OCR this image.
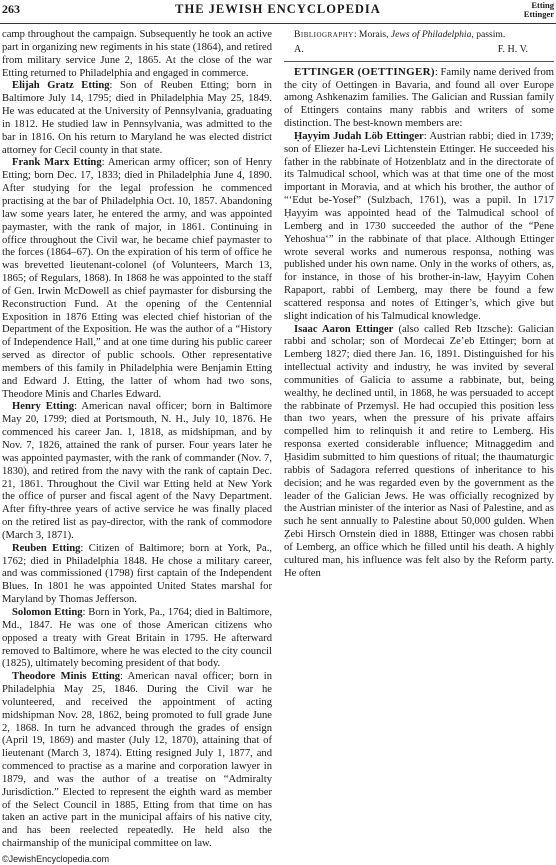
263	THE JEWISH ENCYCLOPEDIA	Etting
Ettinger

camp throughout the campaign. Subsequently he took an active part in organizing new regiments in his state (1864), and retired from military service June 2, 1865. At the close of the war Etting returned to Philadelphia and engaged in commerce.

Elijah Gratz Etting: Son of Reuben Etting; born in Baltimore July 14, 1795; died in Philadelphia May 25, 1849. He was educated at the University of Pennsylvania, graduating in 1812. He studied law in Pennsylvania, was admitted to the bar in 1816. On his return to Maryland he was elected district attorney for Cecil county in that state.

Frank Marx Etting: American army officer; son of Henry Etting; born Dec. 17, 1833; died in Philadelphia June 4, 1890. After studying for the legal profession he commenced practising at the bar of Philadelphia Oct. 10, 1857. Abandoning law some years later, he entered the army, and was appointed paymaster, with the rank of major, in 1861. Continuing in office throughout the Civil war, he became chief paymaster to the forces (1864–67). On the expiration of his term of office he was brevetted lieutenant-colonel (of Volunteers, March 13, 1865; of Regulars, 1868). In 1868 he was appointed to the staff of Gen. Irwin McDowell as chief paymaster for disbursing the Reconstruction Fund. At the opening of the Centennial Exposition in 1876 Etting was elected chief historian of the Department of the Exposition. He was the author of a “History of Independence Hall,” and at one time during his public career served as director of public schools. Other representative members of this family in Philadelphia were Benjamin Etting and Edward J. Etting, the latter of whom had two sons, Theodore Minis and Charles Edward.

Henry Etting: American naval officer; born in Baltimore May 20, 1799; died at Portsmouth, N. H., July 10, 1876. He commenced his career Jan. 1, 1818, as midshipman, and by Nov. 7, 1826, attained the rank of purser. Four years later he was appointed paymaster, with the rank of commander (Nov. 7, 1830), and retired from the navy with the rank of captain Dec. 21, 1861. Throughout the Civil war Etting held at New York the office of purser and fiscal agent of the Navy Department. After fifty-three years of active service he was finally placed on the retired list as pay-director, with the rank of commodore (March 3, 1871).

Reuben Etting: Citizen of Baltimore; born at York, Pa., 1762; died in Philadelphia 1848. He chose a military career, and was commissioned (1798) first captain of the Independent Blues. In 1801 he was appointed United States marshal for Maryland by Thomas Jefferson.

Solomon Etting: Born in York, Pa., 1764; died in Baltimore, Md., 1847. He was one of those American citizens who opposed a treaty with Great Britain in 1795. He afterward removed to Baltimore, where he was elected to the city council (1825), ultimately becoming president of that body.

Theodore Minis Etting: American naval officer; born in Philadelphia May 25, 1846. During the Civil war he volunteered, and received the appointment of acting midshipman Nov. 28, 1862, being promoted to full grade June 2, 1868. In turn he advanced through the grades of ensign (April 19, 1869) and master (July 12, 1870), attaining that of lieutenant (March 3, 1874). Etting resigned July 1, 1877, and commenced to practise as a marine and corporation lawyer in 1879, and was the author of a treatise on “Admiralty Jurisdiction.” Elected to represent the eighth ward as member of the Select Council in 1885, Etting from that time on has taken an active part in the municipal affairs of his native city, and has been reelected repeatedly. He held also the chairmanship of the municipal committee on law.

Bibliography: Morais, Jews of Philadelphia, passim.

A.	F. H. V.

ETTINGER (OETTINGER): Family name derived from the city of Oettingen in Bavaria, and found all over Europe among Ashkenazim families. The Galician and Russian family of Ettingers contains many rabbis and writers of some distinction. The best-known members are:

Ḥayyim Judah Löb Ettinger: Austrian rabbi; died in 1739; son of Eliezer ha-Levi Lichtenstein Ettinger. He succeeded his father in the rabbinate of Hotzenblatz and in the directorate of its Talmudical school, which was at that time one of the most important in Moravia, and at which his brother, the author of “‘Edut be-Yosef” (Sulzbach, 1761), was a pupil. In 1717 Ḥayyim was appointed head of the Talmudical school of Lemberg and in 1730 succeeded the author of the “Pene Yehoshua‘” in the rabbinate of that place. Although Ettinger wrote several works and numerous responsa, nothing was published under his own name. Only in the works of others, as, for instance, in those of his brother-in-law, Ḥayyim Cohen Rapaport, rabbi of Lemberg, may there be found a few scattered responsa and notes of Ettinger’s, which give but slight indication of his Talmudical knowledge.

Isaac Aaron Ettinger (also called Reb Itzsche): Galician rabbi and scholar; son of Mordecai Ze’eb Ettinger; born at Lemberg 1827; died there Jan. 16, 1891. Distinguished for his intellectual activity and industry, he was invited by several communities of Galicia to assume a rabbinate, but, being wealthy, he declined until, in 1868, he was persuaded to accept the rabbinate of Przemysl. He had occupied this position less than two years, when the pressure of his private affairs compelled him to relinquish it and retire to Lemberg. His responsa exerted considerable influence; Mitnaggedim and Ḥasidim submitted to him questions of ritual; the thaumaturgic rabbis of Sadagora referred questions of inheritance to his decision; and he was regarded even by the government as the leader of the Galician Jews. He was officially recognized by the Austrian minister of the interior as Nasi of Palestine, and as such he sent annually to Palestine about 50,000 gulden. When Ẓebi Hirsch Ornstein died in 1888, Ettinger was chosen rabbi of Lemberg, an office which he filled until his death. A highly cultured man, his influence was felt also by the Reform party. He often

©JewishEncyclopedia.com
